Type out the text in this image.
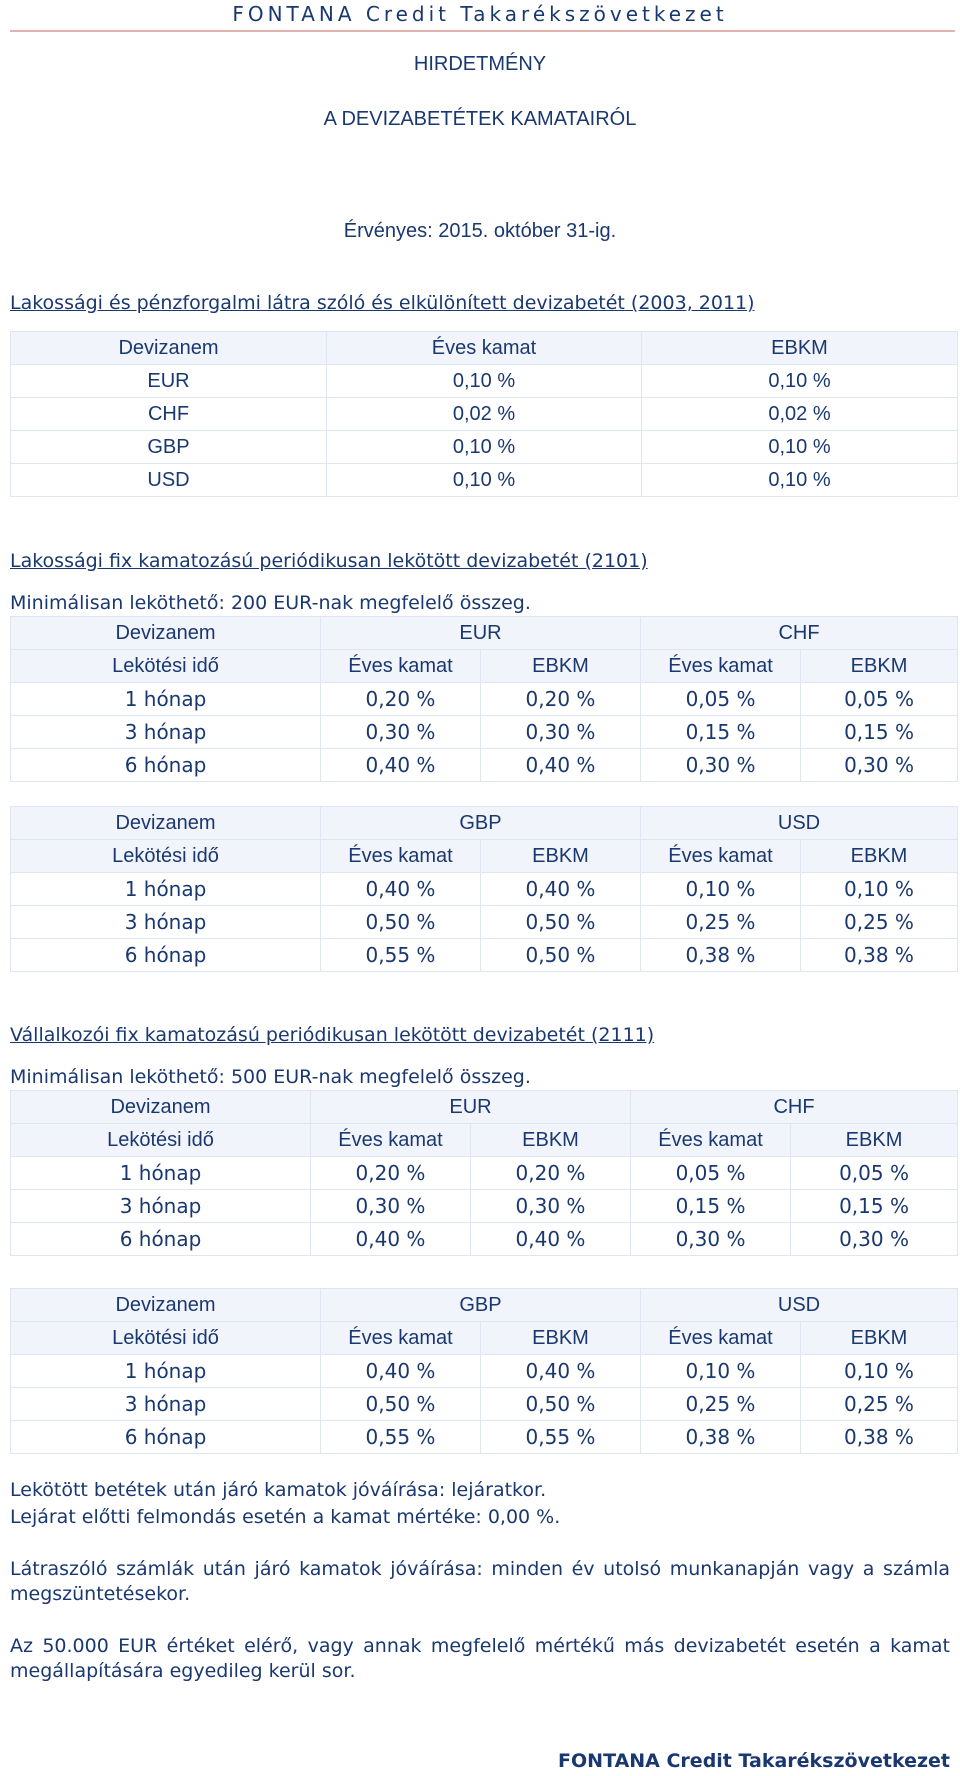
FONTANA Credit Takarékszövetkezet
HIRDETMÉNY
A DEVIZABETÉTEK KAMATAIRÓL
Érvényes: 2015. október 31-ig.
Lakossági és pénzforgalmi látra szóló és elkülönített devizabetét (2003, 2011)
Devizanem	Éves kamat	EBKM
EUR	0,10 %	0,10 %
CHF	0,02 %	0,02 %
GBP	0,10 %	0,10 %
USD	0,10 %	0,10 %
Lakossági fix kamatozású periódikusan lekötött devizabetét (2101)
Minimálisan leköthető: 200 EUR-nak megfelelő összeg.
Devizanem	EUR		CHF	
Lekötési idő	Éves kamat	EBKM	Éves kamat	EBKM
1 hónap	0,20 %	0,20 %	0,05 %	0,05 %
3 hónap	0,30 %	0,30 %	0,15 %	0,15 %
6 hónap	0,40 %	0,40 %	0,30 %	0,30 %
Devizanem	GBP		USD	
Lekötési idő	Éves kamat	EBKM	Éves kamat	EBKM
1 hónap	0,40 %	0,40 %	0,10 %	0,10 %
3 hónap	0,50 %	0,50 %	0,25 %	0,25 %
6 hónap	0,55 %	0,50 %	0,38 %	0,38 %
Vállalkozói fix kamatozású periódikusan lekötött devizabetét (2111)
Minimálisan leköthető: 500 EUR-nak megfelelő összeg.
Devizanem	EUR		CHF	
Lekötési idő	Éves kamat	EBKM	Éves kamat	EBKM
1 hónap	0,20 %	0,20 %	0,05 %	0,05 %
3 hónap	0,30 %	0,30 %	0,15 %	0,15 %
6 hónap	0,40 %	0,40 %	0,30 %	0,30 %
Devizanem	GBP		USD	
Lekötési idő	Éves kamat	EBKM	Éves kamat	EBKM
1 hónap	0,40 %	0,40 %	0,10 %	0,10 %
3 hónap	0,50 %	0,50 %	0,25 %	0,25 %
6 hónap	0,55 %	0,55 %	0,38 %	0,38 %
Lekötött betétek után járó kamatok jóváírása: lejáratkor.
Lejárat előtti felmondás esetén a kamat mértéke: 0,00 %.
Látraszóló számlák után járó kamatok jóváírása: minden év utolsó munkanapján vagy a számla megszüntetésekor.
Az 50.000 EUR értéket elérő, vagy annak megfelelő mértékű más devizabetét esetén a kamat megállapítására egyedileg kerül sor.
FONTANA Credit Takarékszövetkezet
